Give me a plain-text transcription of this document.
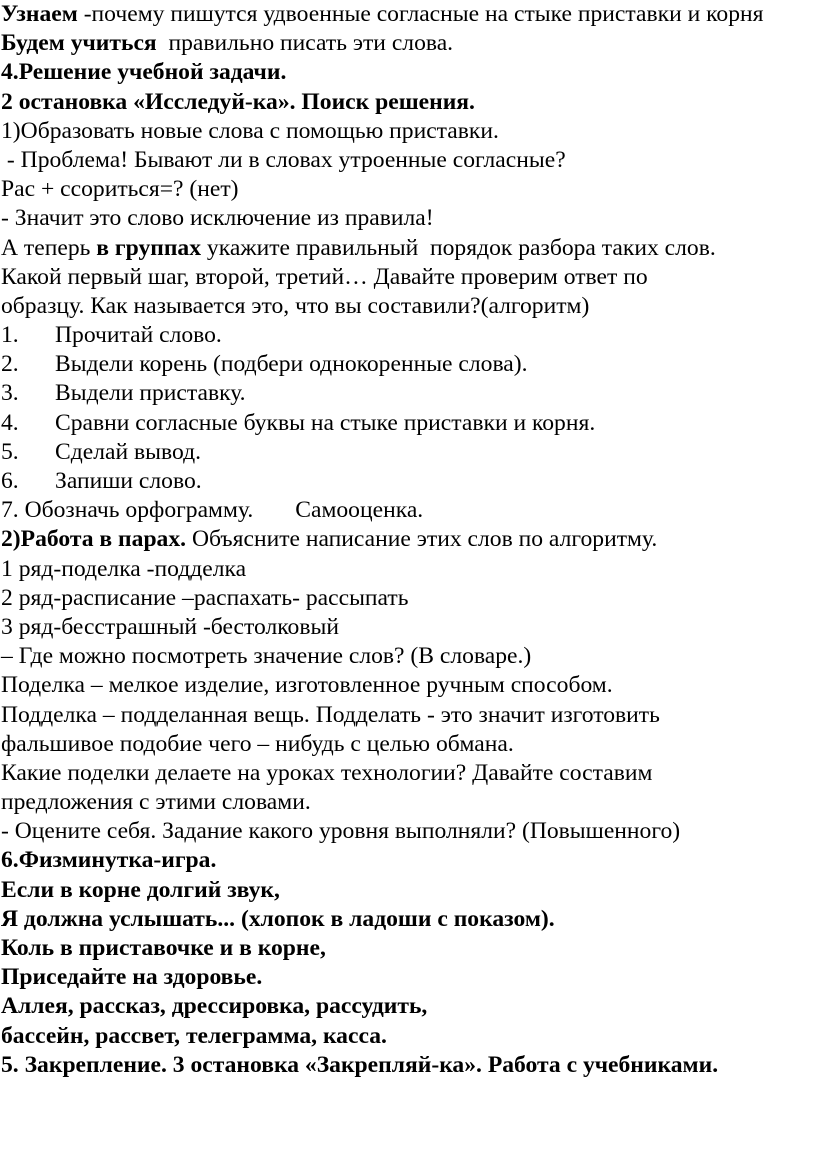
Узнаем -почему пишутся удвоенные согласные на стыке приставки и корня
Будем учиться  правильно писать эти слова.
4.Решение учебной задачи.
2 остановка «Исследуй-ка». Поиск решения.
1)Образовать новые слова с помощью приставки.
- Проблема! Бывают ли в словах утроенные согласные?
Рас + ссориться=? (нет)
- Значит это слово исключение из правила!
А теперь в группах укажите правильный  порядок разбора таких слов.
Какой первый шаг, второй, третий… Давайте проверим ответ по
образцу. Как называется это, что вы составили?(алгоритм)
1. Прочитай слово.
2. Выдели корень (подбери однокоренные слова).
3. Выдели приставку.
4. Сравни согласные буквы на стыке приставки и корня.
5. Сделай вывод.
6. Запиши слово.
7. Обозначь орфограмму. Самооценка.
2)Работа в парах. Объясните написание этих слов по алгоритму.
1 ряд-поделка -подделка
2 ряд-расписание –распахать- рассыпать
3 ряд-бесстрашный -бестолковый
– Где можно посмотреть значение слов? (В словаре.)
Поделка – мелкое изделие, изготовленное ручным способом.
Подделка – подделанная вещь. Подделать - это значит изготовить
фальшивое подобие чего – нибудь с целью обмана.
Какие поделки делаете на уроках технологии? Давайте составим
предложения с этими словами.
- Оцените себя. Задание какого уровня выполняли? (Повышенного)
6.Физминутка-игра.
Если в корне долгий звук,
Я должна услышать... (хлопок в ладоши с показом).
Коль в приставочке и в корне,
Приседайте на здоровье.
Аллея, рассказ, дрессировка, рассудить,
бассейн, рассвет, телеграмма, касса.
5. Закрепление. 3 остановка «Закрепляй-ка». Работа с учебниками.
